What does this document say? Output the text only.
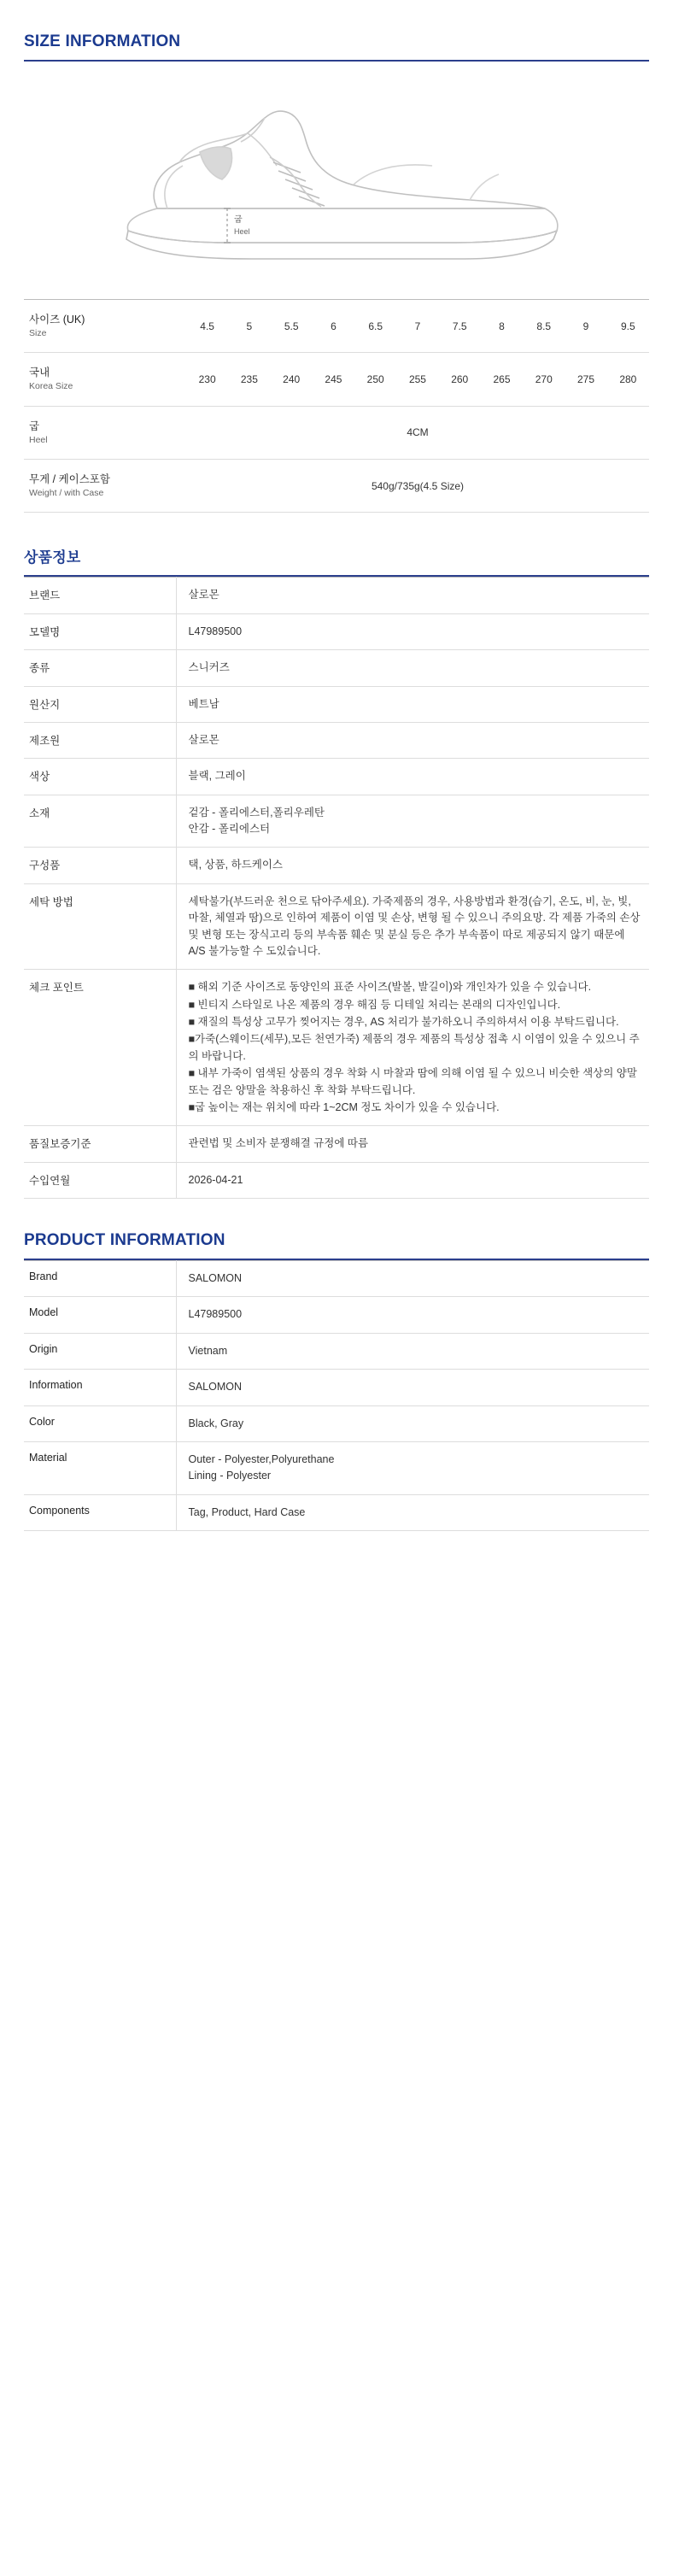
SIZE INFORMATION
굽
Heel
사이즈 (UK)
Size	4.5	5	5.5	6	6.5	7	7.5	8	8.5	9	9.5

국내
Korea Size	230	235	240	245	250	255	260	265	270	275	280

굽
Heel	4CM										

무게 / 케이스포함
Weight / with Case	540g/735g(4.5 Size)										
상품정보
브랜드	살로몬
모델명	L47989500
종류	스니커즈
원산지	베트남
제조원	살로몬
색상	블랙, 그레이
소재	겉감 - 폴리에스터,폴리우레탄
안감 - 폴리에스터

구성품	택, 상품, 하드케이스
세탁 방법	세탁불가(부드러운 천으로 닦아주세요). 가죽제품의 경우, 사용방법과 환경(습기, 온도, 비, 눈, 빛, 마찰, 체열과 땀)으로 인하여 제품이 이염 및 손상, 변형 될 수 있으니 주의요망. 각 제품 가죽의 손상 및 변형 또는 장식고리 등의 부속품 훼손 및 분실 등은 추가 부속품이 따로 제공되지 않기 때문에 A/S 불가능할 수 도있습니다.
체크 포인트	■ 해외 기준 사이즈로 동양인의 표준 사이즈(발볼, 발길이)와 개인차가 있을 수 있습니다.
■ 빈티지 스타일로 나온 제품의 경우 해짐 등 디테일 처리는 본래의 디자인입니다.
■ 재질의 특성상 고무가 찢어지는 경우, AS 처리가 불가하오니 주의하셔서 이용 부탁드립니다.
■가죽(스웨이드(세무),모든 천연가죽) 제품의 경우 제품의 특성상 접촉 시 이염이 있을 수 있으니 주의 바랍니다.
■ 내부 가죽이 염색된 상품의 경우 착화 시 마찰과 땀에 의해 이염 될 수 있으니 비슷한 색상의 양말 또는 검은 양말을 착용하신 후 착화 부탁드립니다.
■굽 높이는 재는 위치에 따라 1~2CM 정도 차이가 있을 수 있습니다.

품질보증기준	관련법 및 소비자 분쟁해결 규정에 따름
수입연월	2026-04-21
PRODUCT INFORMATION
Brand	SALOMON
Model	L47989500
Origin	Vietnam
Information	SALOMON
Color	Black, Gray
Material	Outer - Polyester,Polyurethane
Lining - Polyester

Components	Tag, Product, Hard Case
